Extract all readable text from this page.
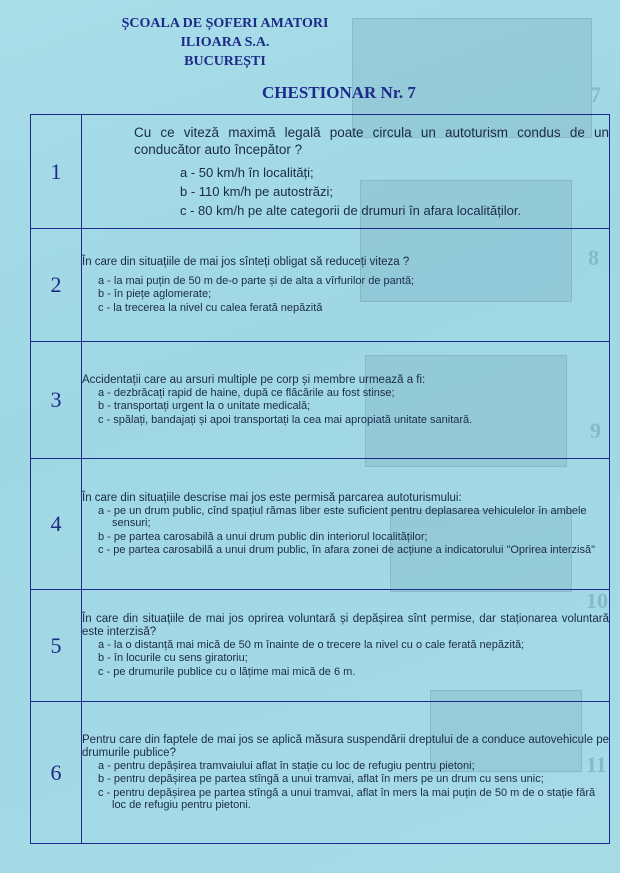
7
8
9
10
11
ȘCOALA DE ȘOFERI AMATORI
ILIOARA S.A.
BUCUREȘTI
CHESTIONAR Nr. 7
1	Cu ce viteză maximă legală poate circula un autoturism condus de un conducător auto începător ?
a - 50 km/h în localități;
b - 110 km/h pe autostrăzi;
c - 80 km/h pe alte categorii de drumuri în afara localităților.

2	În care din situațiile de mai jos sînteți obligat să reduceți viteza ?
a - la mai puțin de 50 m de-o parte și de alta a vîrfurilor de pantă;
b - în piețe aglomerate;
c - la trecerea la nivel cu calea ferată nepăzită

3	Accidentații care au arsuri multiple pe corp și membre urmează a fi:
a - dezbrăcați rapid de haine, după ce flăcările au fost stinse;
b - transportați urgent la o unitate medicală;
c - spălați, bandajați și apoi transportați la cea mai apropiată unitate sanitară.

4	În care din situațiile descrise mai jos este permisă parcarea autoturismului:
a - pe un drum public, cînd spațiul rămas liber este suficient pentru deplasarea vehiculelor în ambele sensuri;
b - pe partea carosabilă a unui drum public din interiorul localităților;
c - pe partea carosabilă a unui drum public, în afara zonei de acțiune a indicatorului "Oprirea interzisă"

5	În care din situațiile de mai jos oprirea voluntară și depășirea sînt permise, dar staționarea voluntară este interzisă?
a - la o distanță mai mică de 50 m înainte de o trecere la nivel cu o cale ferată nepăzită;
b - în locurile cu sens giratoriu;
c - pe drumurile publice cu o lățime mai mică de 6 m.

6	Pentru care din faptele de mai jos se aplică măsura suspendării dreptului de a conduce autovehicule pe drumurile publice?
a - pentru depășirea tramvaiului aflat în stație cu loc de refugiu pentru pietoni;
b - pentru depășirea pe partea stîngă a unui tramvai, aflat în mers pe un drum cu sens unic;
c - pentru depășirea pe partea stîngă a unui tramvai, aflat în mers la mai puțin de 50 m de o stație fără loc de refugiu pentru pietoni.
